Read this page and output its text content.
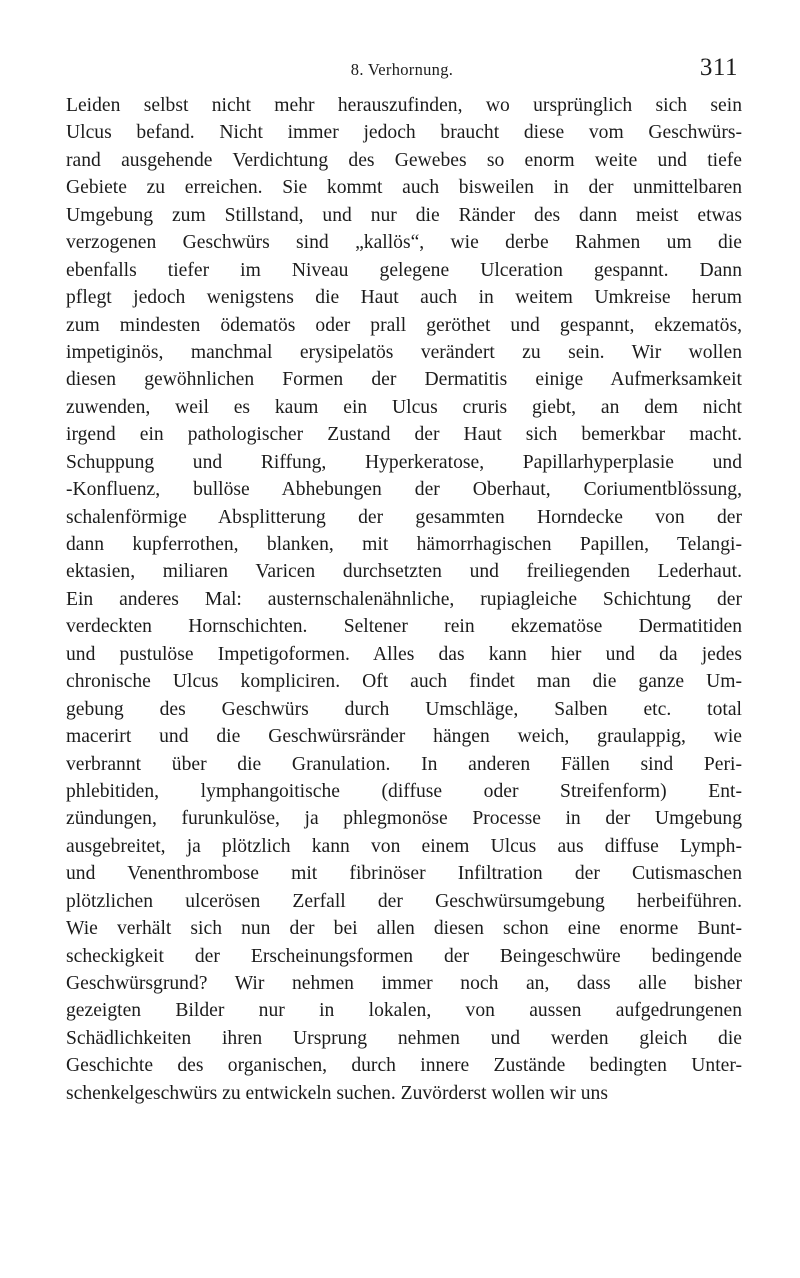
8. Verhornung.	311
Leiden selbst nicht mehr herauszufinden, wo ursprünglich sich sein
Ulcus befand. Nicht immer jedoch braucht diese vom Geschwürs-
rand ausgehende Verdichtung des Gewebes so enorm weite und tiefe
Gebiete zu erreichen. Sie kommt auch bisweilen in der unmittelbaren
Umgebung zum Stillstand, und nur die Ränder des dann meist etwas
verzogenen Geschwürs sind „kallös“, wie derbe Rahmen um die
ebenfalls tiefer im Niveau gelegene Ulceration gespannt. Dann
pflegt jedoch wenigstens die Haut auch in weitem Umkreise herum
zum mindesten ödematös oder prall geröthet und gespannt, ekzematös,
impetiginös, manchmal erysipelatös verändert zu sein. Wir wollen
diesen gewöhnlichen Formen der Dermatitis einige Aufmerksamkeit
zuwenden, weil es kaum ein Ulcus cruris giebt, an dem nicht
irgend ein pathologischer Zustand der Haut sich bemerkbar macht.
Schuppung und Riffung, Hyperkeratose, Papillarhyperplasie und
-Konfluenz, bullöse Abhebungen der Oberhaut, Coriumentblössung,
schalenförmige Absplitterung der gesammten Horndecke von der
dann kupferrothen, blanken, mit hämorrhagischen Papillen, Telangi-
ektasien, miliaren Varicen durchsetzten und freiliegenden Lederhaut.
Ein anderes Mal: austernschalenähnliche, rupiagleiche Schichtung der
verdeckten Hornschichten. Seltener rein ekzematöse Dermatitiden
und pustulöse Impetigoformen. Alles das kann hier und da jedes
chronische Ulcus kompliciren. Oft auch findet man die ganze Um-
gebung des Geschwürs durch Umschläge, Salben etc. total
macerirt und die Geschwürsränder hängen weich, graulappig, wie
verbrannt über die Granulation. In anderen Fällen sind Peri-
phlebitiden, lymphangoitische (diffuse oder Streifenform) Ent-
zündungen, furunkulöse, ja phlegmonöse Processe in der Umgebung
ausgebreitet, ja plötzlich kann von einem Ulcus aus diffuse Lymph-
und Venenthrombose mit fibrinöser Infiltration der Cutismaschen
plötzlichen ulcerösen Zerfall der Geschwürsumgebung herbeiführen.
Wie verhält sich nun der bei allen diesen schon eine enorme Bunt-
scheckigkeit der Erscheinungsformen der Beingeschwüre bedingende
Geschwürsgrund? Wir nehmen immer noch an, dass alle bisher
gezeigten Bilder nur in lokalen, von aussen aufgedrungenen
Schädlichkeiten ihren Ursprung nehmen und werden gleich die
Geschichte des organischen, durch innere Zustände bedingten Unter-
schenkelgeschwürs zu entwickeln suchen. Zuvörderst wollen wir uns
